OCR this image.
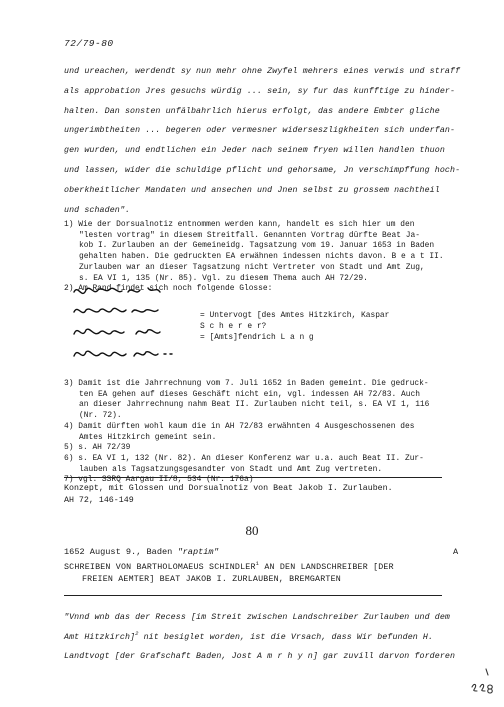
72/79-80
und ureachen, werdendt sy nun mehr ohne Zwyfel mehrers eines verwis und straff
als approbation Jres gesuchs würdig ... sein, sy fur das kunfftige zu hinder-
halten. Dan sonsten unfälbahrlich hierus erfolgt, das andere Embter gliche
ungerimbtheiten ... begeren oder vermesner widerseszligkheiten sich underfan-
gen wurden, und endtlichen ein Jeder nach seinem fryen willen handlen thuon
und lassen, wider die schuldige pflicht und gehorsame, Jn verschimpffung hoch-
oberkheitlicher Mandaten und ansechen und Jnen selbst zu grossem nachtheil
und schaden".
1) Wie der Dorsualnotiz entnommen werden kann, handelt es sich hier um den
"lesten vortrag" in diesem Streitfall. Genannten Vortrag dürfte Beat Ja-
kob I. Zurlauben an der Gemeineidg. Tagsatzung vom 19. Januar 1653 in Baden
gehalten haben. Die gedruckten EA erwähnen indessen nichts davon. B e a t II.
Zurlauben war an dieser Tagsatzung nicht Vertreter von Stadt und Amt Zug,
s. EA VI 1, 135 (Nr. 85). Vgl. zu diesem Thema auch AH 72/29.
2) Am Rand findet sich noch folgende Glosse:
= Untervogt [des Amtes Hitzkirch, Kaspar
S c h e r e r?
= [Amts]fendrich L a n g
3) Damit ist die Jahrrechnung vom 7. Juli 1652 in Baden gemeint. Die gedruck-
ten EA gehen auf dieses Geschäft nicht ein, vgl. indessen AH 72/83. Auch
an dieser Jahrrechnung nahm Beat II. Zurlauben nicht teil, s. EA VI 1, 116
(Nr. 72).
4) Damit dürften wohl kaum die in AH 72/83 erwähnten 4 Ausgeschossenen des
Amtes Hitzkirch gemeint sein.
5) s. AH 72/39
6) s. EA VI 1, 132 (Nr. 82). An dieser Konferenz war u.a. auch Beat II. Zur-
lauben als Tagsatzungsgesandter von Stadt und Amt Zug vertreten.
7) vgl. SSRQ Aargau II/8, 534 (Nr. 176a)
Konzept, mit Glossen und Dorsualnotiz von Beat Jakob I. Zurlauben.
AH 72, 146-149
80
1652 August 9., Baden "raptim"	A
SCHREIBEN VON BARTHOLOMAEUS SCHINDLER$^1$ AN DEN LANDSCHREIBER [DER
FREIEN AEMTER] BEAT JAKOB I. ZURLAUBEN, BREMGARTEN
"Vnnd wnb das der Recess [im Streit zwischen Landschreiber Zurlauben und dem
Amt Hitzkirch]$^2$ nit besiglet worden, ist die Vrsach, dass Wir befunden H.
Landtvogt [der Grafschaft Baden, Jost A m r h y n] gar zuvill darvon forderen
